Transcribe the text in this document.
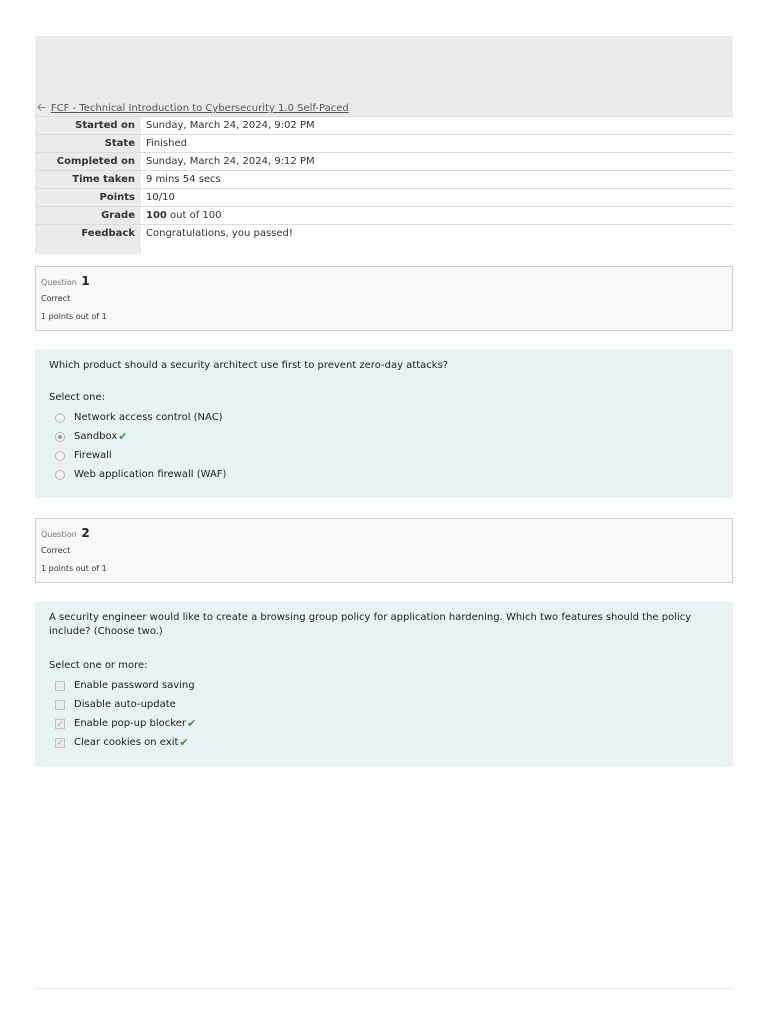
🡠 FCF - Technical Introduction to Cybersecurity 1.0 Self-Paced
Started on	Sunday, March 24, 2024, 9:02 PM
State	Finished
Completed on	Sunday, March 24, 2024, 9:12 PM
Time taken	9 mins 54 secs
Points	10/10
Grade	100 out of 100
Feedback	Congratulations, you passed!
Question 1
Correct
1 points out of 1
Which product should a security architect use first to prevent zero-day attacks?
Select one:
Network access control (NAC)
Sandbox ✔
Firewall
Web application firewall (WAF)
Question 2
Correct
1 points out of 1
A security engineer would like to create a browsing group policy for application hardening. Which two features should the policy include? (Choose two.)
Select one or more:
Enable password saving
Disable auto-update
✓ Enable pop-up blocker ✔
✓ Clear cookies on exit ✔
